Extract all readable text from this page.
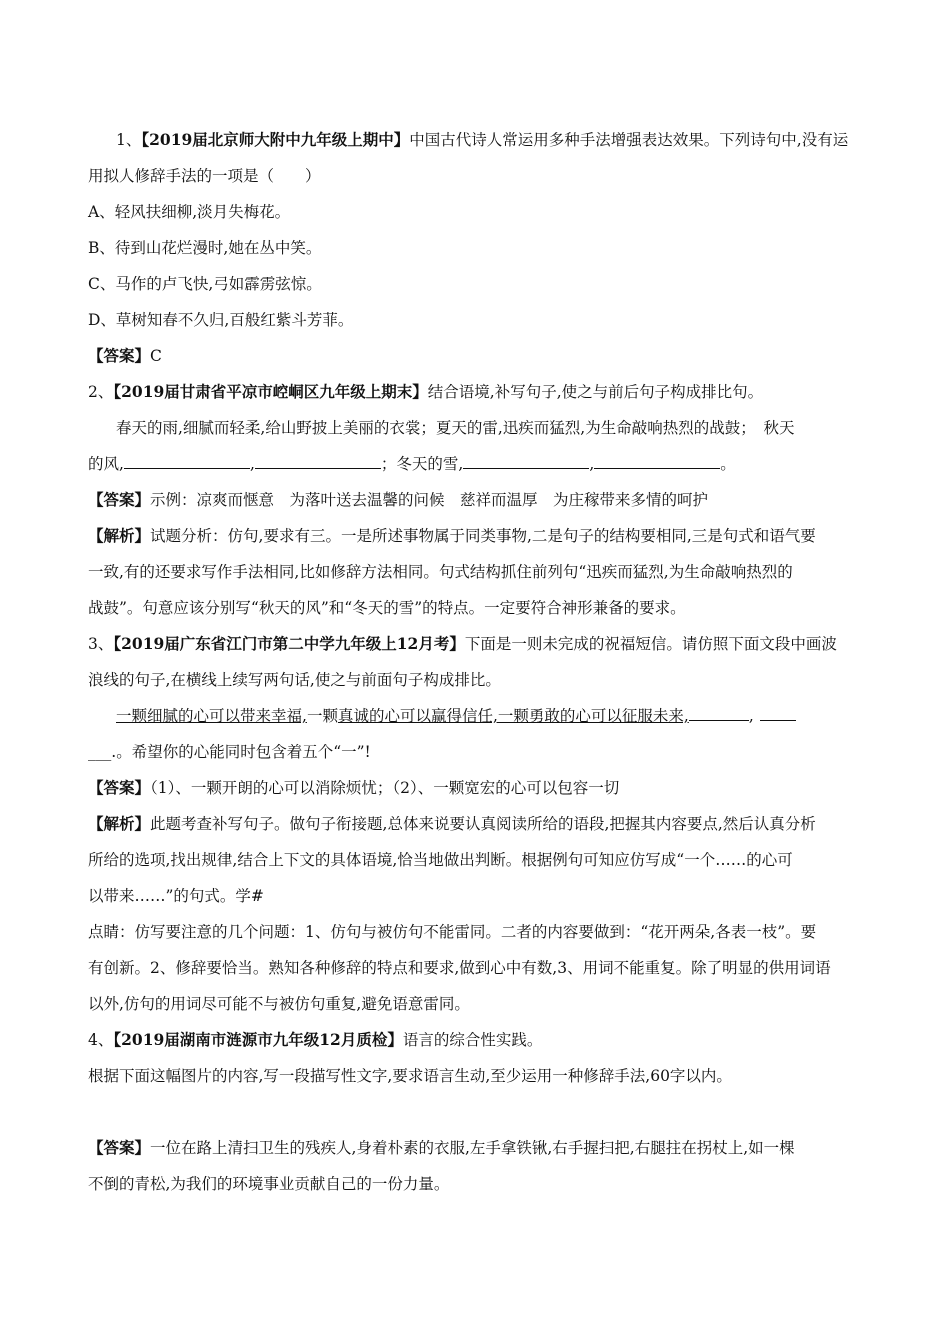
1、【2019届北京师大附中九年级上期中】中国古代诗人常运用多种手法增强表达效果。下列诗句中,没有运
用拟人修辞手法的一项是（　　）
A、轻风扶细柳,淡月失梅花。
B、待到山花烂漫时,她在丛中笑。
C、马作的卢飞快,弓如霹雳弦惊。
D、草树知春不久归,百般红紫斗芳菲。
【答案】C
2、【2019届甘肃省平凉市崆峒区九年级上期末】结合语境,补写句子,使之与前后句子构成排比句。
春天的雨,细腻而轻柔,给山野披上美丽的衣裳；夏天的雷,迅疾而猛烈,为生命敲响热烈的战鼓；　秋天
的风,	,	；冬天的雪,	,	。
【答案】示例：凉爽而惬意　为落叶送去温馨的问候　慈祥而温厚　为庄稼带来多情的呵护
【解析】试题分析：仿句,要求有三。一是所述事物属于同类事物,二是句子的结构要相同,三是句式和语气要
一致,有的还要求写作手法相同,比如修辞方法相同。句式结构抓住前列句“迅疾而猛烈,为生命敲响热烈的
战鼓”。句意应该分别写“秋天的风”和“冬天的雪”的特点。一定要符合神形兼备的要求。
3、【2019届广东省江门市第二中学九年级上12月考】下面是一则未完成的祝福短信。请仿照下面文段中画波
浪线的句子,在横线上续写两句话,使之与前面句子构成排比。
一颗细腻的心可以带来幸福,一颗真诚的心可以赢得信任,一颗勇敢的心可以征服未来,	,
___.。希望你的心能同时包含着五个“一”!
【答案】（1）、一颗开朗的心可以消除烦忧；（2）、一颗宽宏的心可以包容一切
【解析】此题考查补写句子。做句子衔接题,总体来说要认真阅读所给的语段,把握其内容要点,然后认真分析
所给的选项,找出规律,结合上下文的具体语境,恰当地做出判断。根据例句可知应仿写成“一个……的心可
以带来……”的句式。学#
点睛：仿写要注意的几个问题：1、仿句与被仿句不能雷同。二者的内容要做到：“花开两朵,各表一枝”。要
有创新。2、修辞要恰当。熟知各种修辞的特点和要求,做到心中有数,3、用词不能重复。除了明显的供用词语
以外,仿句的用词尽可能不与被仿句重复,避免语意雷同。
4、【2019届湖南市涟源市九年级12月质检】语言的综合性实践。
根据下面这幅图片的内容,写一段描写性文字,要求语言生动,至少运用一种修辞手法,60字以内。
【答案】一位在路上清扫卫生的残疾人,身着朴素的衣服,左手拿铁锹,右手握扫把,右腿拄在拐杖上,如一棵
不倒的青松,为我们的环境事业贡献自己的一份力量。
